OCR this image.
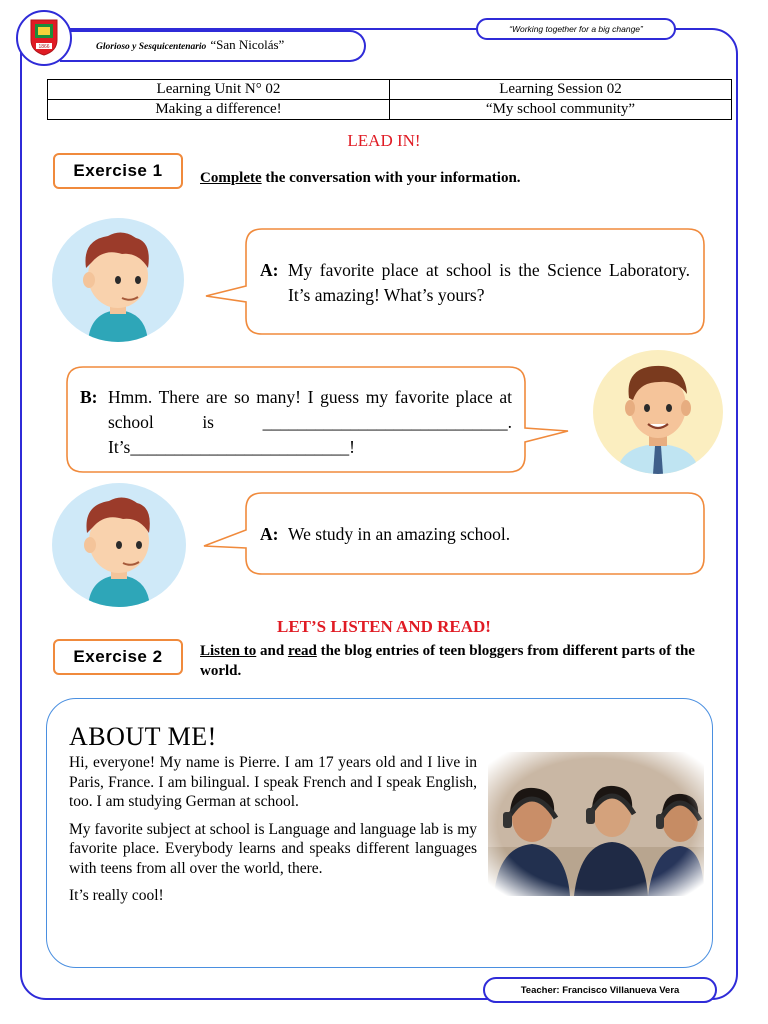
1866	Glorioso y Sesquicentenario “San Nicolás”
“Working together for a big change”
Learning Unit N° 02	Learning Session 02
Making a difference!	“My school community”
LEAD IN!
Exercise 1	Complete the conversation with your information.
A: My favorite place at school is the Science Laboratory. It’s amazing! What’s yours?
B: Hmm. There are so many! I guess my favorite place at school is ____________________________. It’s_________________________!
A: We study in an amazing school.
LET’S LISTEN AND READ!
Exercise 2	Listen to and read the blog entries of teen bloggers from different parts of the world.
ABOUT ME!

Hi, everyone! My name is Pierre. I am 17 years old and I live in Paris, France. I am bilingual. I speak French and I speak English, too. I am studying German at school.

My favorite subject at school is Language and language lab is my favorite place. Everybody learns and speaks different languages with teens from all over the world, there.

It’s really cool!

Teacher: Francisco Villanueva Vera
